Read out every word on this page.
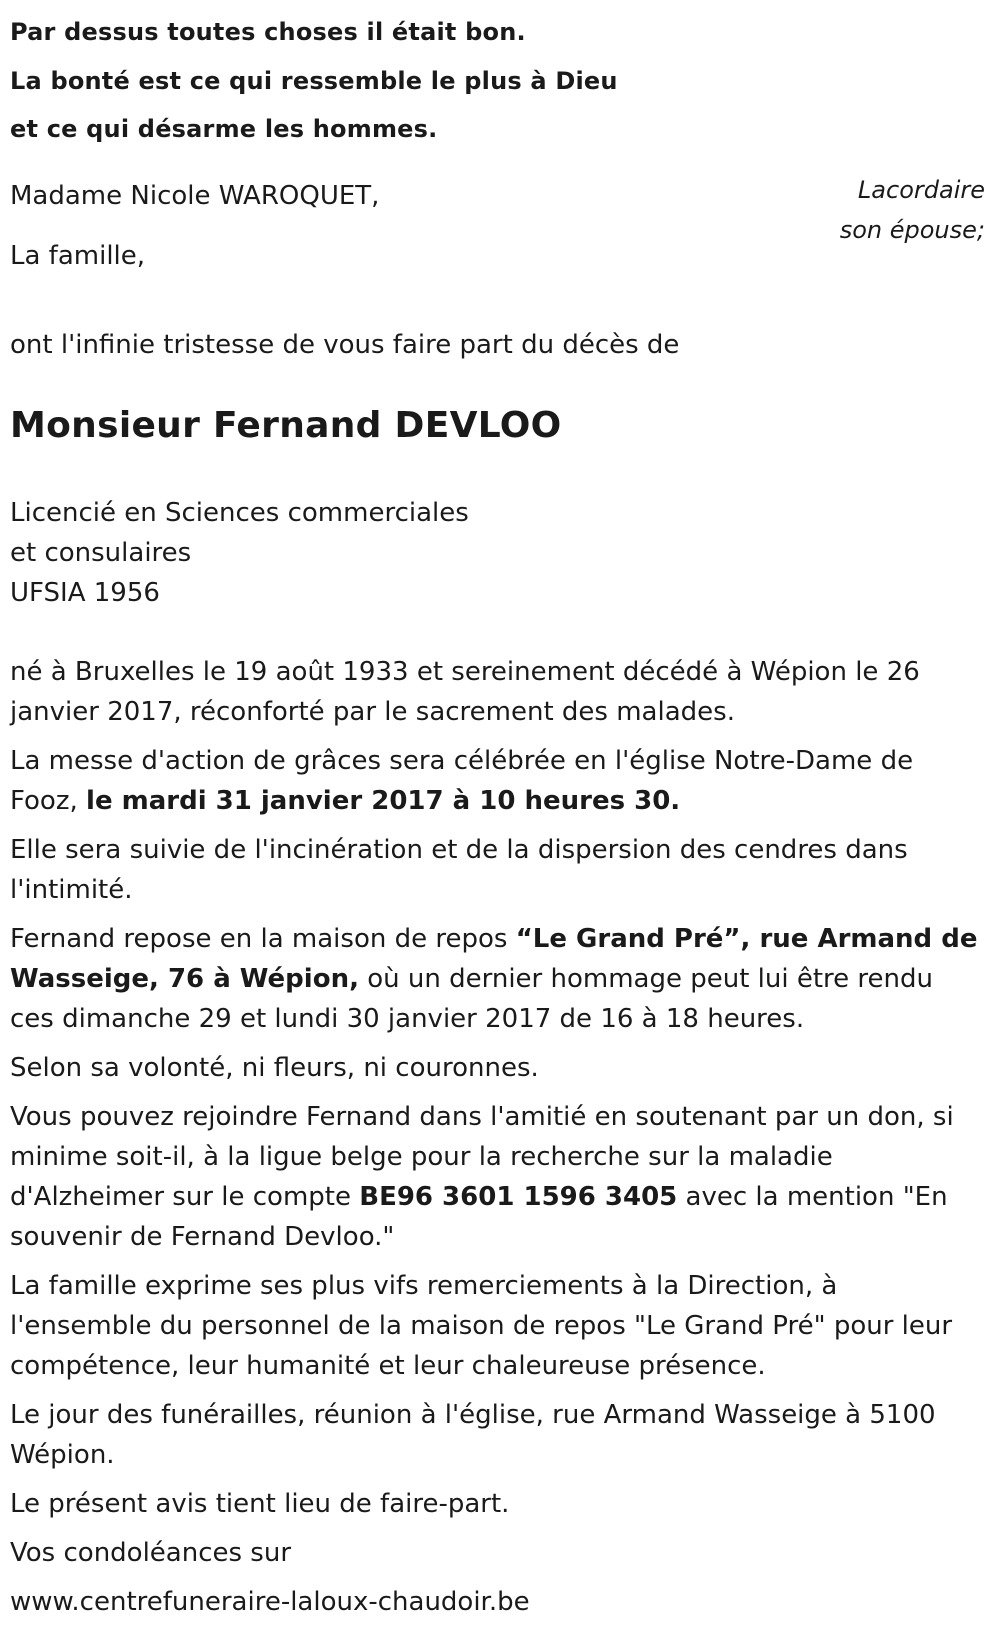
Par dessus toutes choses il était bon.
La bonté est ce qui ressemble le plus à Dieu
et ce qui désarme les hommes.
Lacordaire
son épouse;
Madame Nicole WAROQUET,
La famille,
ont l'infinie tristesse de vous faire part du décès de
Monsieur Fernand DEVLOO
Licencié en Sciences commerciales
et consulaires
UFSIA 1956

né à Bruxelles le 19 août 1933 et sereinement décédé à Wépion le 26 janvier 2017, réconforté par le sacrement des malades.

La messe d'action de grâces sera célébrée en l'église Notre-Dame de Fooz, le mardi 31 janvier 2017 à 10 heures 30.

Elle sera suivie de l'incinération et de la dispersion des cendres dans l'intimité.

Fernand repose en la maison de repos “Le Grand Pré”, rue Armand de Wasseige, 76 à Wépion, où un dernier hommage peut lui être rendu ces dimanche 29 et lundi 30 janvier 2017 de 16 à 18 heures.

Selon sa volonté, ni fleurs, ni couronnes.

Vous pouvez rejoindre Fernand dans l'amitié en soutenant par un don, si minime soit-il, à la ligue belge pour la recherche sur la maladie d'Alzheimer sur le compte BE96 3601 1596 3405 avec la mention "En souvenir de Fernand Devloo."

La famille exprime ses plus vifs remerciements à la Direction, à l'ensemble du personnel de la maison de repos "Le Grand Pré" pour leur compétence, leur humanité et leur chaleureuse présence.

Le jour des funérailles, réunion à l'église, rue Armand Wasseige à 5100 Wépion.

Le présent avis tient lieu de faire-part.

Vos condoléances sur

www.centrefuneraire-laloux-chaudoir.be
